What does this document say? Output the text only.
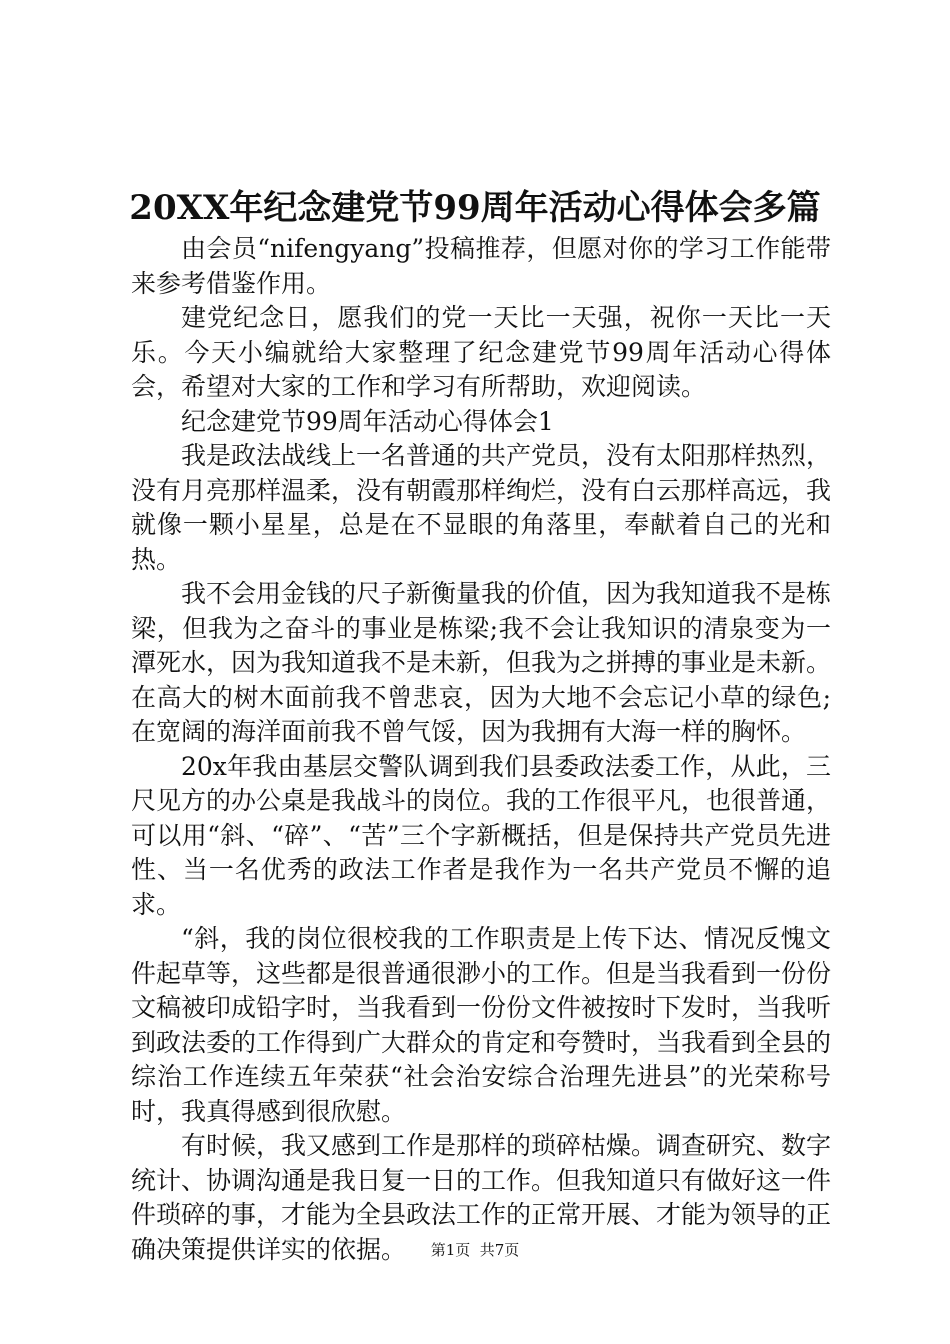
20XX年纪念建党节99周年活动心得体会多篇

由会员“nifengyang”投稿推荐，但愿对你的学习工作能带来参考借鉴作用。

建党纪念日，愿我们的党一天比一天强，祝你一天比一天乐。今天小编就给大家整理了纪念建党节99周年活动心得体会，希望对大家的工作和学习有所帮助，欢迎阅读。

纪念建党节99周年活动心得体会1

我是政法战线上一名普通的共产党员，没有太阳那样热烈，没有月亮那样温柔，没有朝霞那样绚烂，没有白云那样高远，我就像一颗小星星，总是在不显眼的角落里，奉献着自己的光和热。

我不会用金钱的尺子新衡量我的价值，因为我知道我不是栋梁，但我为之奋斗的事业是栋梁;我不会让我知识的清泉变为一潭死水，因为我知道我不是未新，但我为之拼搏的事业是未新。在高大的树木面前我不曾悲哀，因为大地不会忘记小草的绿色;在宽阔的海洋面前我不曾气馁，因为我拥有大海一样的胸怀。

20x年我由基层交警队调到我们县委政法委工作，从此，三尺见方的办公桌是我战斗的岗位。我的工作很平凡，也很普通，可以用“斜、“碎”、“苦”三个字新概括，但是保持共产党员先进性、当一名优秀的政法工作者是我作为一名共产党员不懈的追求。

“斜，我的岗位很校我的工作职责是上传下达、情况反愧文件起草等，这些都是很普通很渺小的工作。但是当我看到一份份文稿被印成铅字时，当我看到一份份文件被按时下发时，当我听到政法委的工作得到广大群众的肯定和夸赞时，当我看到全县的综治工作连续五年荣获“社会治安综合治理先进县”的光荣称号时，我真得感到很欣慰。

有时候，我又感到工作是那样的琐碎枯燥。调查研究、数字统计、协调沟通是我日复一日的工作。但我知道只有做好这一件件琐碎的事，才能为全县政法工作的正常开展、才能为领导的正确决策提供详实的依据。	第1页  共7页
